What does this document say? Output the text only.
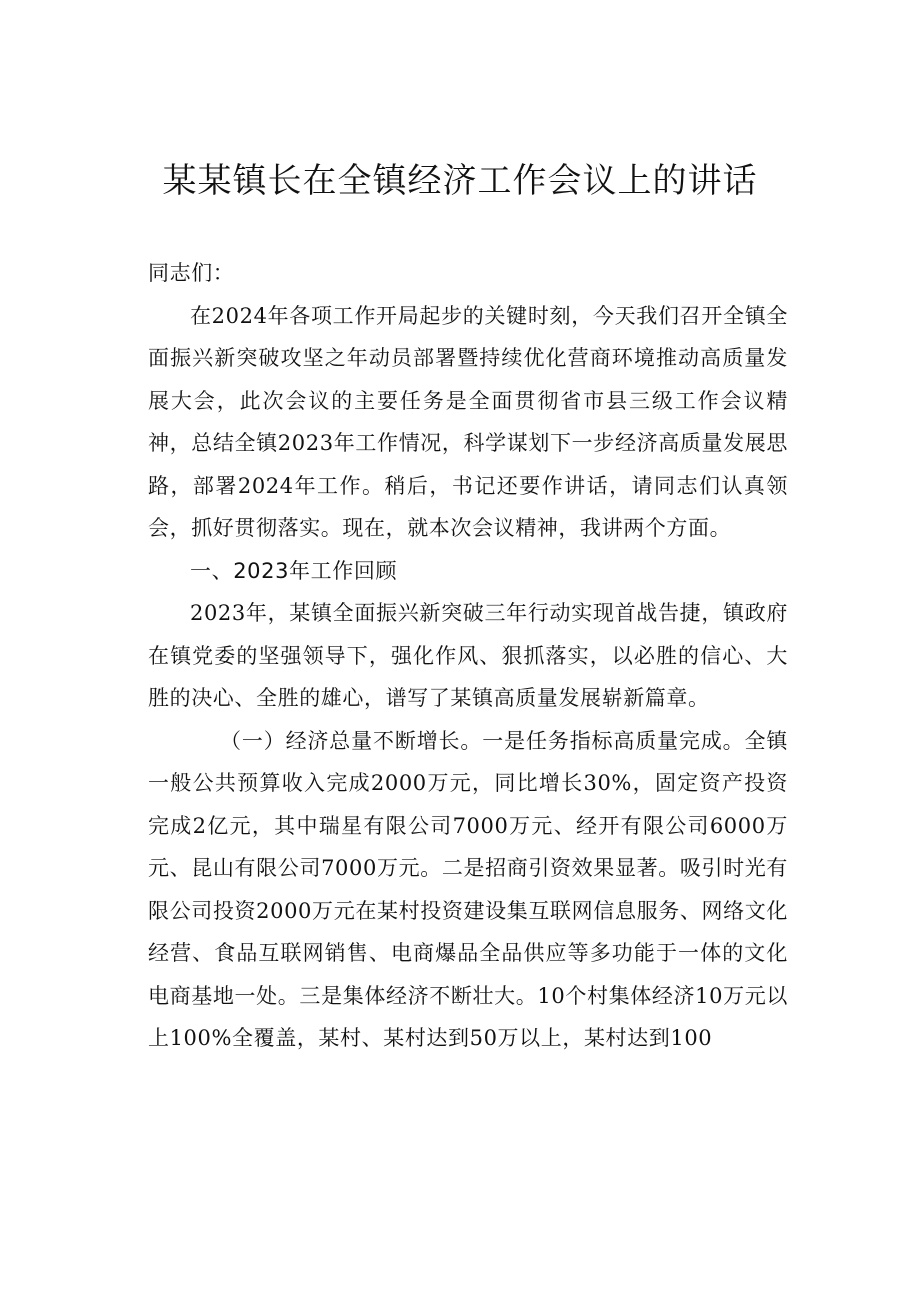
某某镇长在全镇经济工作会议上的讲话

同志们：

在2024年各项工作开局起步的关键时刻，今天我们召开全镇全面振兴新突破攻坚之年动员部署暨持续优化营商环境推动高质量发展大会，此次会议的主要任务是全面贯彻省市县三级工作会议精神，总结全镇2023年工作情况，科学谋划下一步经济高质量发展思路，部署2024年工作。稍后，书记还要作讲话，请同志们认真领会，抓好贯彻落实。现在，就本次会议精神，我讲两个方面。

一、2023年工作回顾

2023年，某镇全面振兴新突破三年行动实现首战告捷，镇政府在镇党委的坚强领导下，强化作风、狠抓落实，以必胜的信心、大胜的决心、全胜的雄心，谱写了某镇高质量发展崭新篇章。

（一）经济总量不断增长。一是任务指标高质量完成。全镇一般公共预算收入完成2000万元，同比增长30%，固定资产投资完成2亿元，其中瑞星有限公司7000万元、经开有限公司6000万元、昆山有限公司7000万元。二是招商引资效果显著。吸引时光有限公司投资2000万元在某村投资建设集互联网信息服务、网络文化经营、食品互联网销售、电商爆品全品供应等多功能于一体的文化电商基地一处。三是集体经济不断壮大。10个村集体经济10万元以上100%全覆盖，某村、某村达到50万以上，某村达到100
